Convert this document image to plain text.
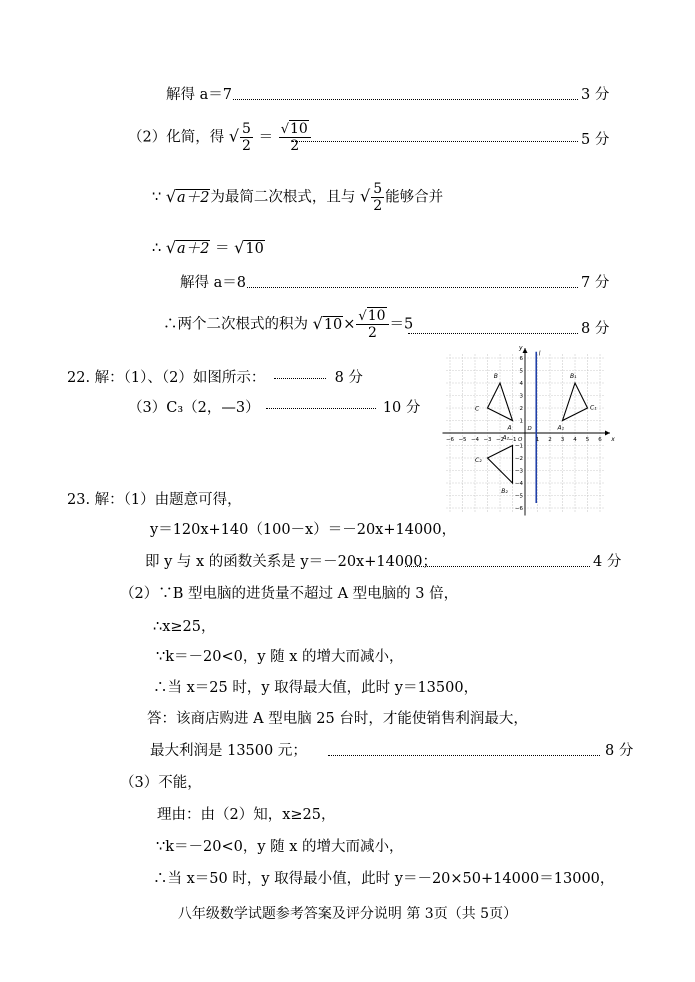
解得 a＝7	3 分
（2）化简，得 √ $\frac{5}{2} = \frac{√10}{2}$	5 分
∵ √a＋2为最简二次根式，且与 √ $\frac{5}{2}$ 能够合并
∴ √a＋2 ＝ √10
解得 a＝8	7 分
∴两个二次根式的积为 $√10\times \frac{√10}{2} =5$	8 分
22. 解：（1）、（2）如图所示：	8 分
（3）C₃（2，—3）	10 分
−6 −5 −4 −3 −2 −1	1 2 3 4 5 6
6
5
4
3
2
1
−1
−2
−3
−4
−5
−6
x
y
O
l
D
B
C
A
B₁
C₁
A₁
A₂
C₂
B₂
23. 解：（1）由题意可得，
y＝120x+140（100－x）＝－20x+14000，
即 y 与 x 的函数关系是 y＝－20x+14000；	4 分
（2）∵B 型电脑的进货量不超过 A 型电脑的 3 倍，
∴x≥25，
∵k＝－20<0，y 随 x 的增大而减小，
∴当 x＝25 时，y 取得最大值，此时 y＝13500，
答：该商店购进 A 型电脑 25 台时，才能使销售利润最大，
最大利润是 13500 元；	8 分
（3）不能，
理由：由（2）知，x≥25，
∵k＝－20<0，y 随 x 的增大而减小，
∴当 x＝50 时，y 取得最小值，此时 y＝－20×50+14000＝13000，
八年级数学试题参考答案及评分说明 第 3页（共 5页）
